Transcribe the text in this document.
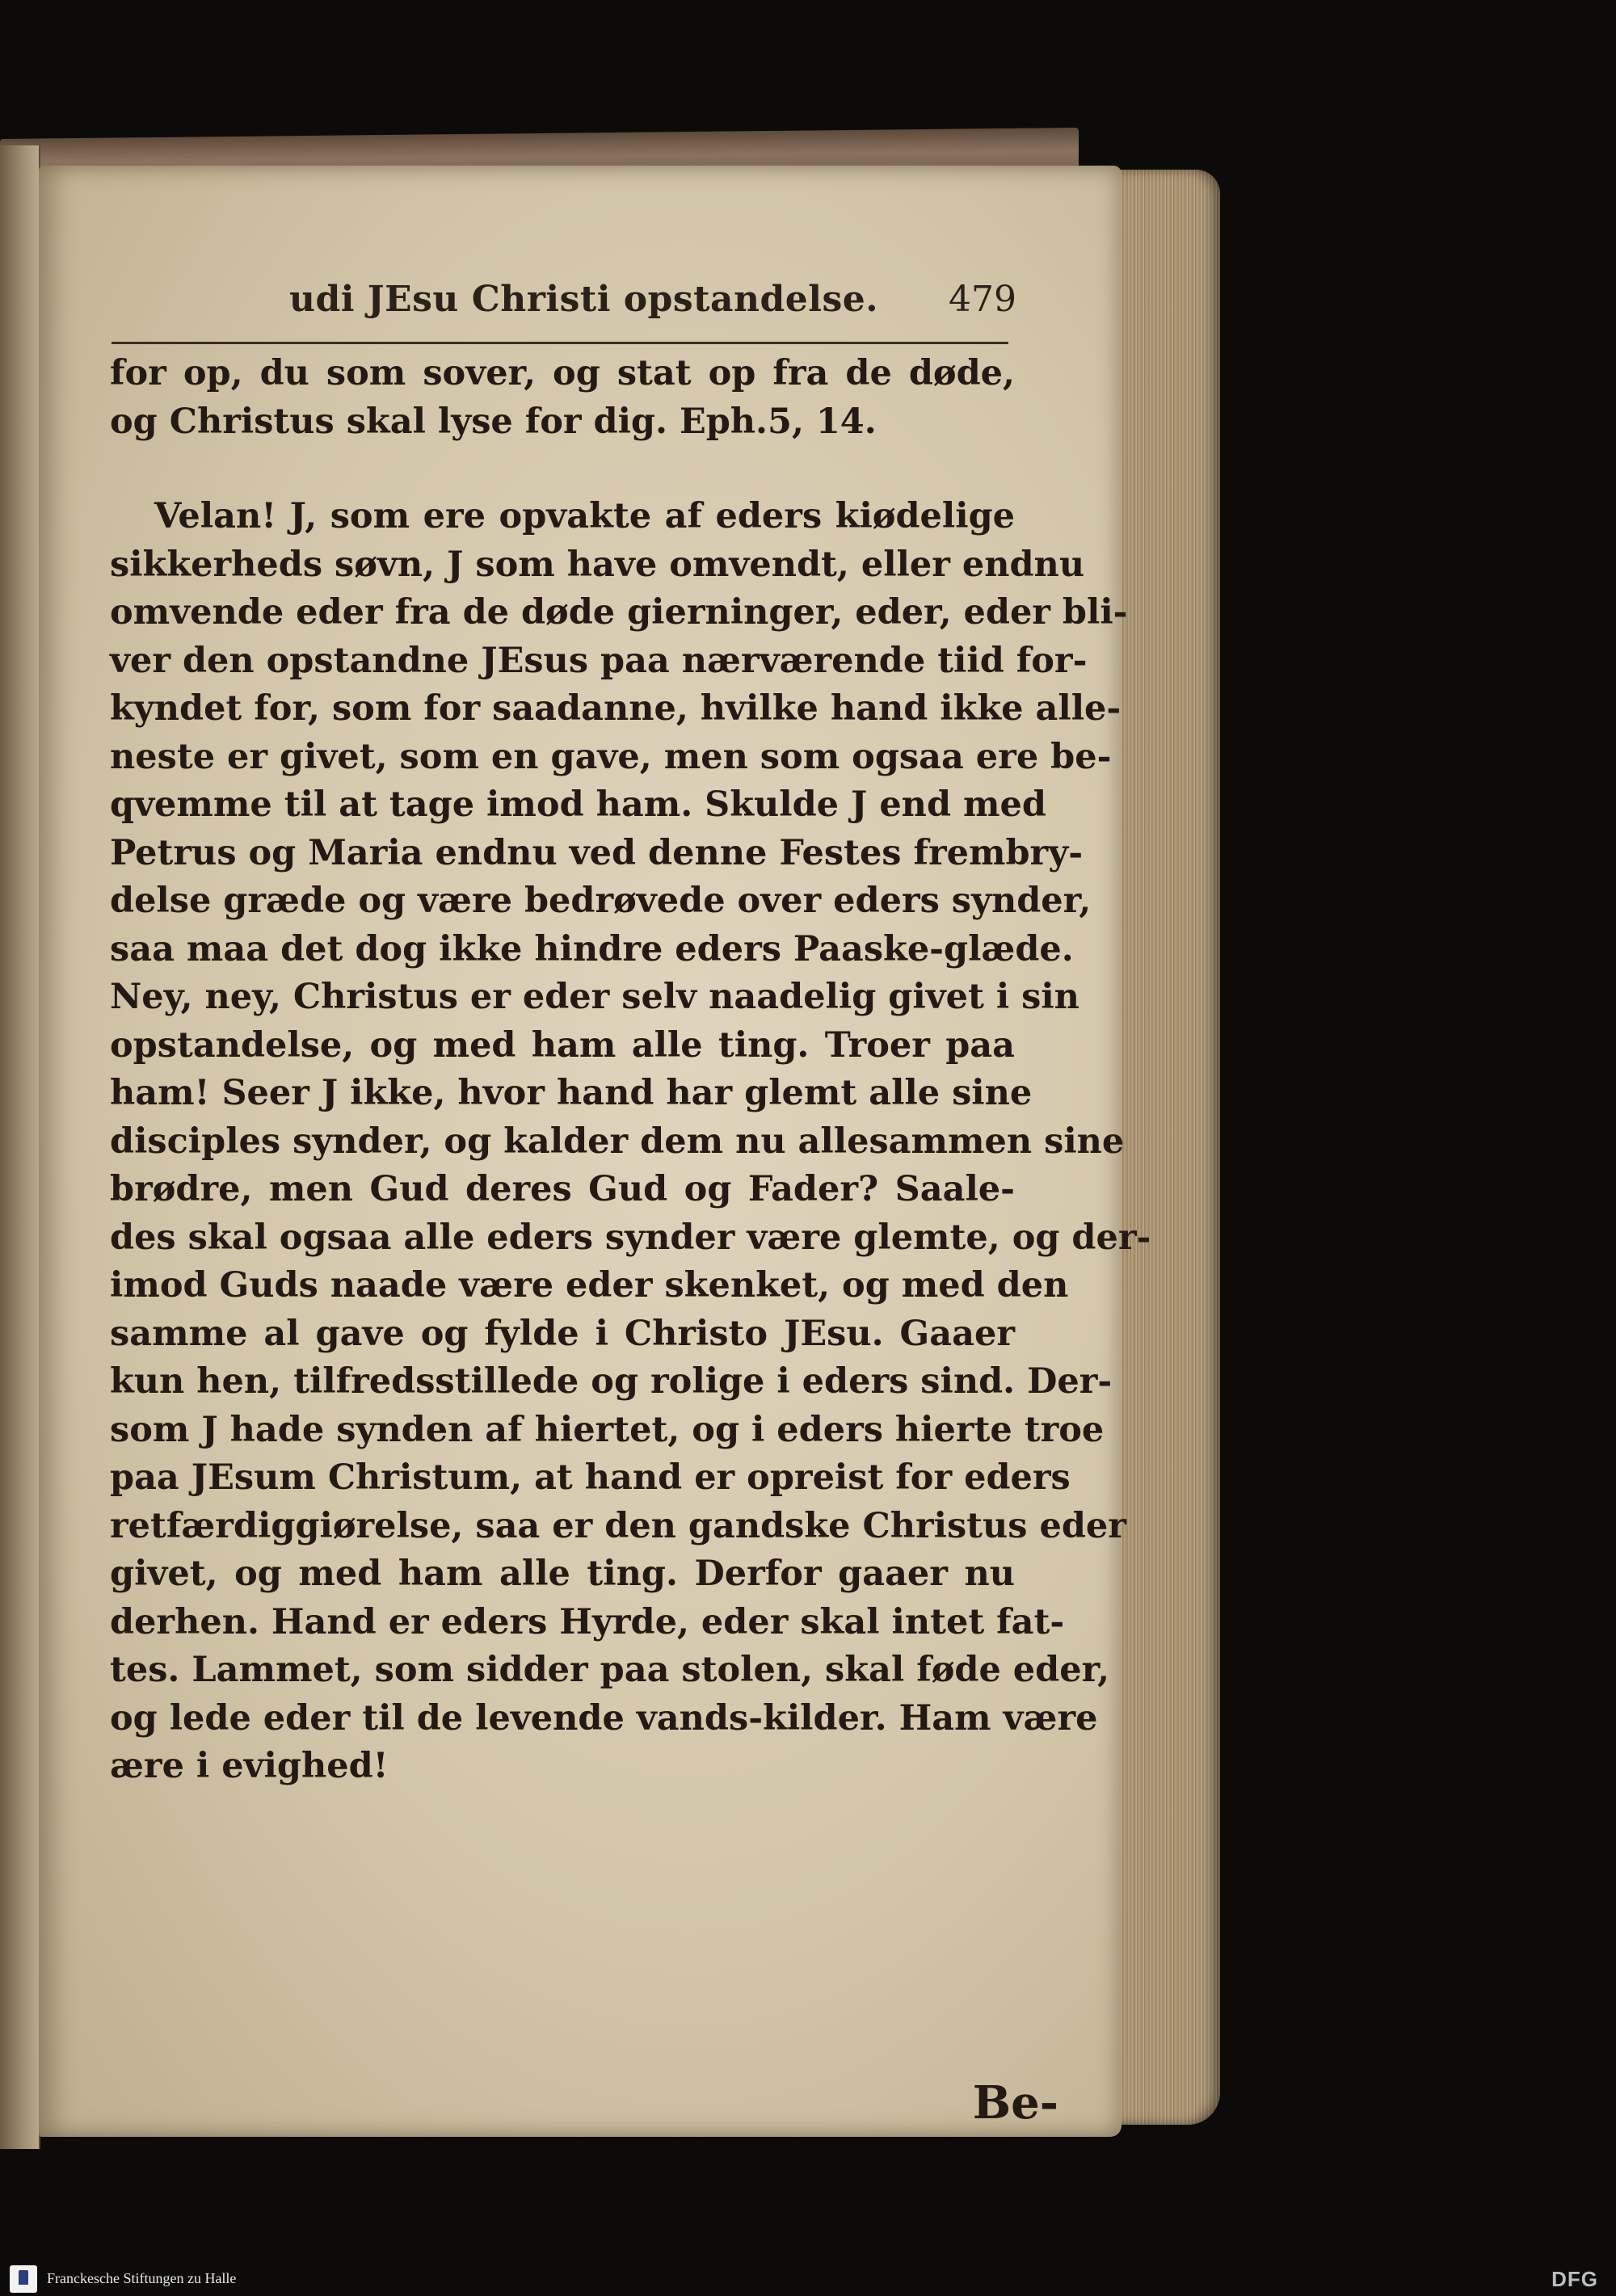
udi JEsu Christi opstandelse. 479
for op, du som sover, og stat op fra de døde,
og Christus skal lyse for dig. Eph.5, 14.
Velan! J, som ere opvakte af eders kiødelige
sikkerheds søvn, J som have omvendt, eller endnu
omvende eder fra de døde gierninger, eder, eder bli-
ver den opstandne JEsus paa nærværende tiid for-
kyndet for, som for saadanne, hvilke hand ikke alle-
neste er givet, som en gave, men som ogsaa ere be-
qvemme til at tage imod ham. Skulde J end med
Petrus og Maria endnu ved denne Festes frembry-
delse græde og være bedrøvede over eders synder,
saa maa det dog ikke hindre eders Paaske-glæde.
Ney, ney, Christus er eder selv naadelig givet i sin
opstandelse, og med ham alle ting. Troer paa
ham! Seer J ikke, hvor hand har glemt alle sine
disciples synder, og kalder dem nu allesammen sine
brødre, men Gud deres Gud og Fader? Saale-
des skal ogsaa alle eders synder være glemte, og der-
imod Guds naade være eder skenket, og med den
samme al gave og fylde i Christo JEsu. Gaaer
kun hen, tilfredsstillede og rolige i eders sind. Der-
som J hade synden af hiertet, og i eders hierte troe
paa JEsum Christum, at hand er opreist for eders
retfærdiggiørelse, saa er den gandske Christus eder
givet, og med ham alle ting. Derfor gaaer nu
derhen. Hand er eders Hyrde, eder skal intet fat-
tes. Lammet, som sidder paa stolen, skal føde eder,
og lede eder til de levende vands-kilder. Ham være
ære i evighed!
Be-
Franckesche Stiftungen zu Halle	DFG
